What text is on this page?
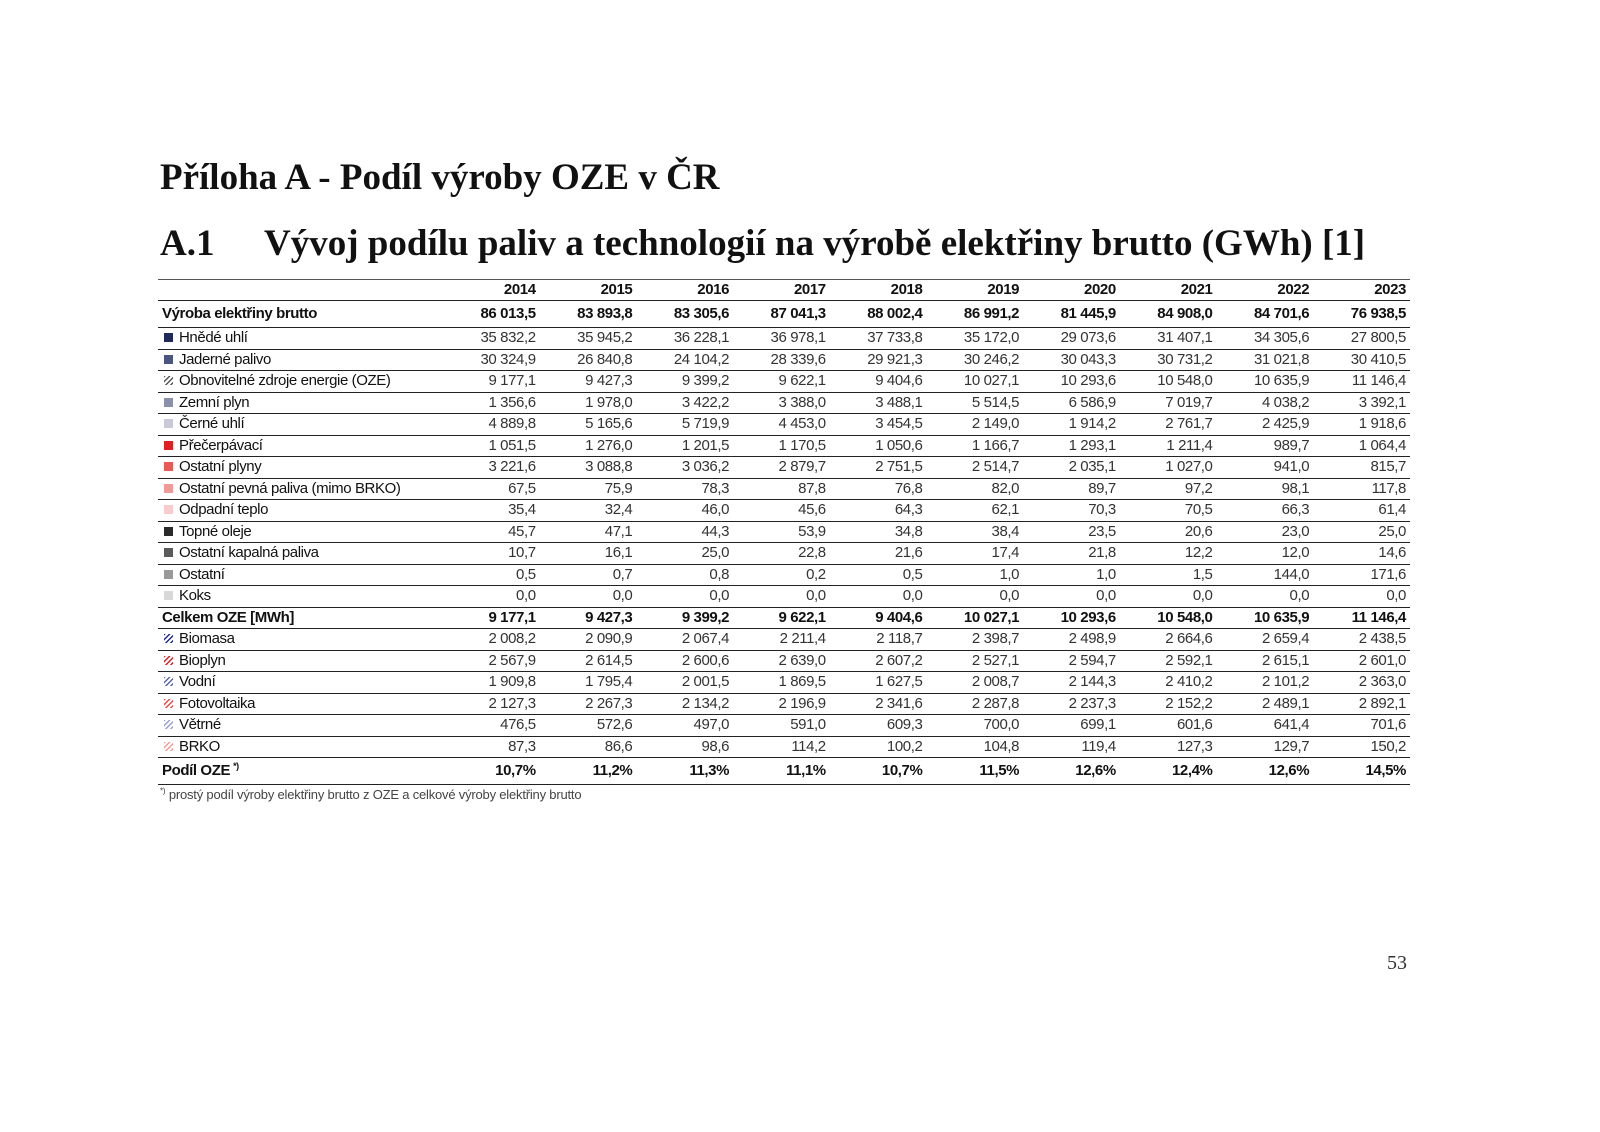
Příloha A - Podíl výroby OZE v ČR
A.1 Vývoj podílu paliv a technologií na výrobě elektřiny brutto (GWh) [1]
	2014	2015	2016	2017	2018	2019	2020	2021	2022	2023
Výroba elektřiny brutto	86 013,5	83 893,8	83 305,6	87 041,3	88 002,4	86 991,2	81 445,9	84 908,0	84 701,6	76 938,5
Hnědé uhlí	35 832,2	35 945,2	36 228,1	36 978,1	37 733,8	35 172,0	29 073,6	31 407,1	34 305,6	27 800,5
Jaderné palivo	30 324,9	26 840,8	24 104,2	28 339,6	29 921,3	30 246,2	30 043,3	30 731,2	31 021,8	30 410,5
Obnovitelné zdroje energie (OZE)	9 177,1	9 427,3	9 399,2	9 622,1	9 404,6	10 027,1	10 293,6	10 548,0	10 635,9	11 146,4
Zemní plyn	1 356,6	1 978,0	3 422,2	3 388,0	3 488,1	5 514,5	6 586,9	7 019,7	4 038,2	3 392,1
Černé uhlí	4 889,8	5 165,6	5 719,9	4 453,0	3 454,5	2 149,0	1 914,2	2 761,7	2 425,9	1 918,6
Přečerpávací	1 051,5	1 276,0	1 201,5	1 170,5	1 050,6	1 166,7	1 293,1	1 211,4	989,7	1 064,4
Ostatní plyny	3 221,6	3 088,8	3 036,2	2 879,7	2 751,5	2 514,7	2 035,1	1 027,0	941,0	815,7
Ostatní pevná paliva (mimo BRKO)	67,5	75,9	78,3	87,8	76,8	82,0	89,7	97,2	98,1	117,8
Odpadní teplo	35,4	32,4	46,0	45,6	64,3	62,1	70,3	70,5	66,3	61,4
Topné oleje	45,7	47,1	44,3	53,9	34,8	38,4	23,5	20,6	23,0	25,0
Ostatní kapalná paliva	10,7	16,1	25,0	22,8	21,6	17,4	21,8	12,2	12,0	14,6
Ostatní	0,5	0,7	0,8	0,2	0,5	1,0	1,0	1,5	144,0	171,6
Koks	0,0	0,0	0,0	0,0	0,0	0,0	0,0	0,0	0,0	0,0
Celkem OZE [MWh]	9 177,1	9 427,3	9 399,2	9 622,1	9 404,6	10 027,1	10 293,6	10 548,0	10 635,9	11 146,4
Biomasa	2 008,2	2 090,9	2 067,4	2 211,4	2 118,7	2 398,7	2 498,9	2 664,6	2 659,4	2 438,5
Bioplyn	2 567,9	2 614,5	2 600,6	2 639,0	2 607,2	2 527,1	2 594,7	2 592,1	2 615,1	2 601,0
Vodní	1 909,8	1 795,4	2 001,5	1 869,5	1 627,5	2 008,7	2 144,3	2 410,2	2 101,2	2 363,0
Fotovoltaika	2 127,3	2 267,3	2 134,2	2 196,9	2 341,6	2 287,8	2 237,3	2 152,2	2 489,1	2 892,1
Větrné	476,5	572,6	497,0	591,0	609,3	700,0	699,1	601,6	641,4	701,6
BRKO	87,3	86,6	98,6	114,2	100,2	104,8	119,4	127,3	129,7	150,2
Podíl OZE *)	10,7%	11,2%	11,3%	11,1%	10,7%	11,5%	12,6%	12,4%	12,6%	14,5%
*) prostý podíl výroby elektřiny brutto z OZE a celkové výroby elektřiny brutto
53
